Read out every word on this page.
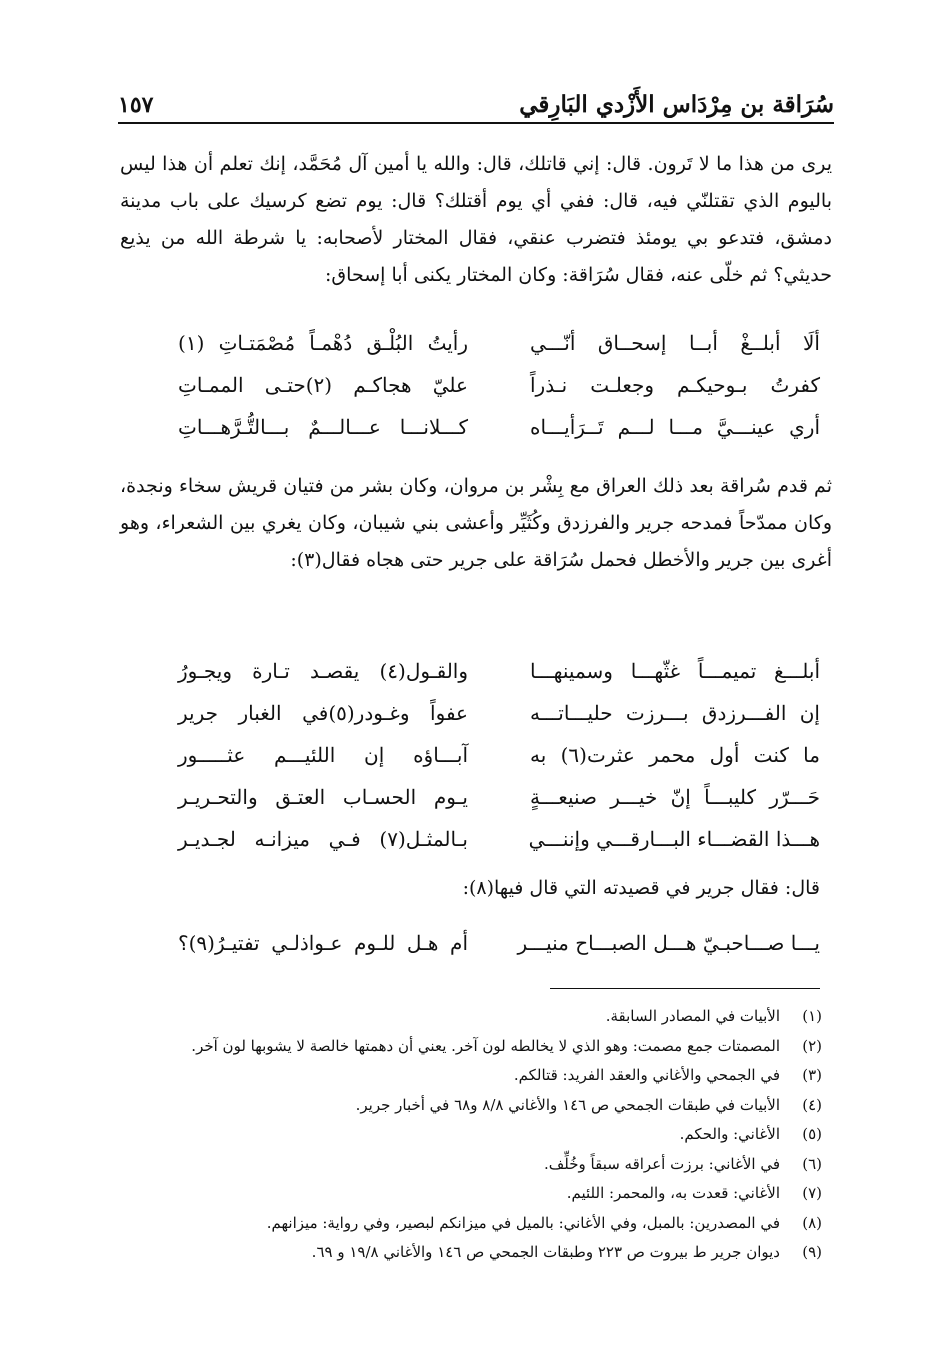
سُرَاقة بن مِرْدَاس الأَزْدي البَارِقي
١٥٧

يرى من هذا ما لا تَرون. قال: إني قاتلك، قال: والله يا أمين آل مُحَمَّد، إنك تعلم أن هذا ليس باليوم الذي تقتلنّي فيه، قال: ففي أي يوم أقتلك؟ قال: يوم تضع كرسيك على باب مدينة دمشق، فتدعو بي يومئذ فتضرب عنقي، فقال المختار لأصحابه: يا شرطة الله من يذيع حديثي؟ ثم خلّى عنه، فقال سُرَاقة: وكان المختار يكنى أبا إسحاق:

ألَا أبلــغْ أبــا إسحــاق أنّـــي
رأيتُ البُلْـق دُهْمـاً مُصْمَتـاتِ (١)
كفرتُ بـوحيكـم وجعلـت نـذراً
عليّ هجاكـم (٢)حتـى الممـاتِ
أري عينـــيَّ مـــا لـــم تَــرَأيـــاه
كـــلانـــا عـــالـــمٌ بـــالتُّـرَّهـــاتِ

ثم قدم سُراقة بعد ذلك العراق مع بِشْر بن مروان، وكان بشر من فتيان قريش سخاء ونجدة، وكان ممدّحاً فمدحه جرير والفرزدق وكُثَيِّر وأعشى بني شيبان، وكان يغري بين الشعراء، وهو أغرى بين جرير والأخطل فحمل سُرَاقة على جرير حتى هجاه فقال(٣):

أبلـــغ تميمـــاً غثّهـــا وسمينهـــا
والقـول(٤) يقصـد تـارة ويجـورُ
إن الفـــرزدق بـــرزت حليـــاتـــه
عفواً وغـودر(٥)في الغبار جرير
ما كنت أول محمر عثرت(٦) به
آبـــاؤه إن اللئيـــم عثـــــور
حَـــرّر كليبـــاً إنّ خيـــر صنيعـــةٍ
يـوم الحسـاب العتـق والتحـريـر
هـــذا القضـــاء البـــارقـــي وإننـــي
بـالمثـل(٧) فـي ميزانـه لجـديـر
قال: فقال جرير في قصيدته التي قال فيها(٨):
يـــا صـــاحبـيّ هـــل الصبـــاح منيـــر
أم هـل للـوم عـواذلـي تفتيـرُ(٩)؟
(١)
الأبيات في المصادر السابقة.
(٢)
المصمتات جمع مصمت: وهو الذي لا يخالطه لون آخر. يعني أن دهمتها خالصة لا يشوبها لون آخر.
(٣)
في الجمحي والأغاني والعقد الفريد: قتالكم.
(٤)
الأبيات في طبقات الجمحي ص ١٤٦ والأغاني ٨/٨ و٦٨ في أخبار جرير.
(٥)
الأغاني: والحكم.
(٦)
في الأغاني: برزت أعراقه سبقاً وخُلِّف.
(٧)
الأغاني: قعدت به، والمحمر: اللئيم.
(٨)
في المصدرين: بالمبل، وفي الأغاني: بالميل في ميزانكم لبصير، وفي رواية: ميزانهم.
(٩)
ديوان جرير ط بيروت ص ٢٢٣ وطبقات الجمحي ص ١٤٦ والأغاني ١٩/٨ و ٦٩.
